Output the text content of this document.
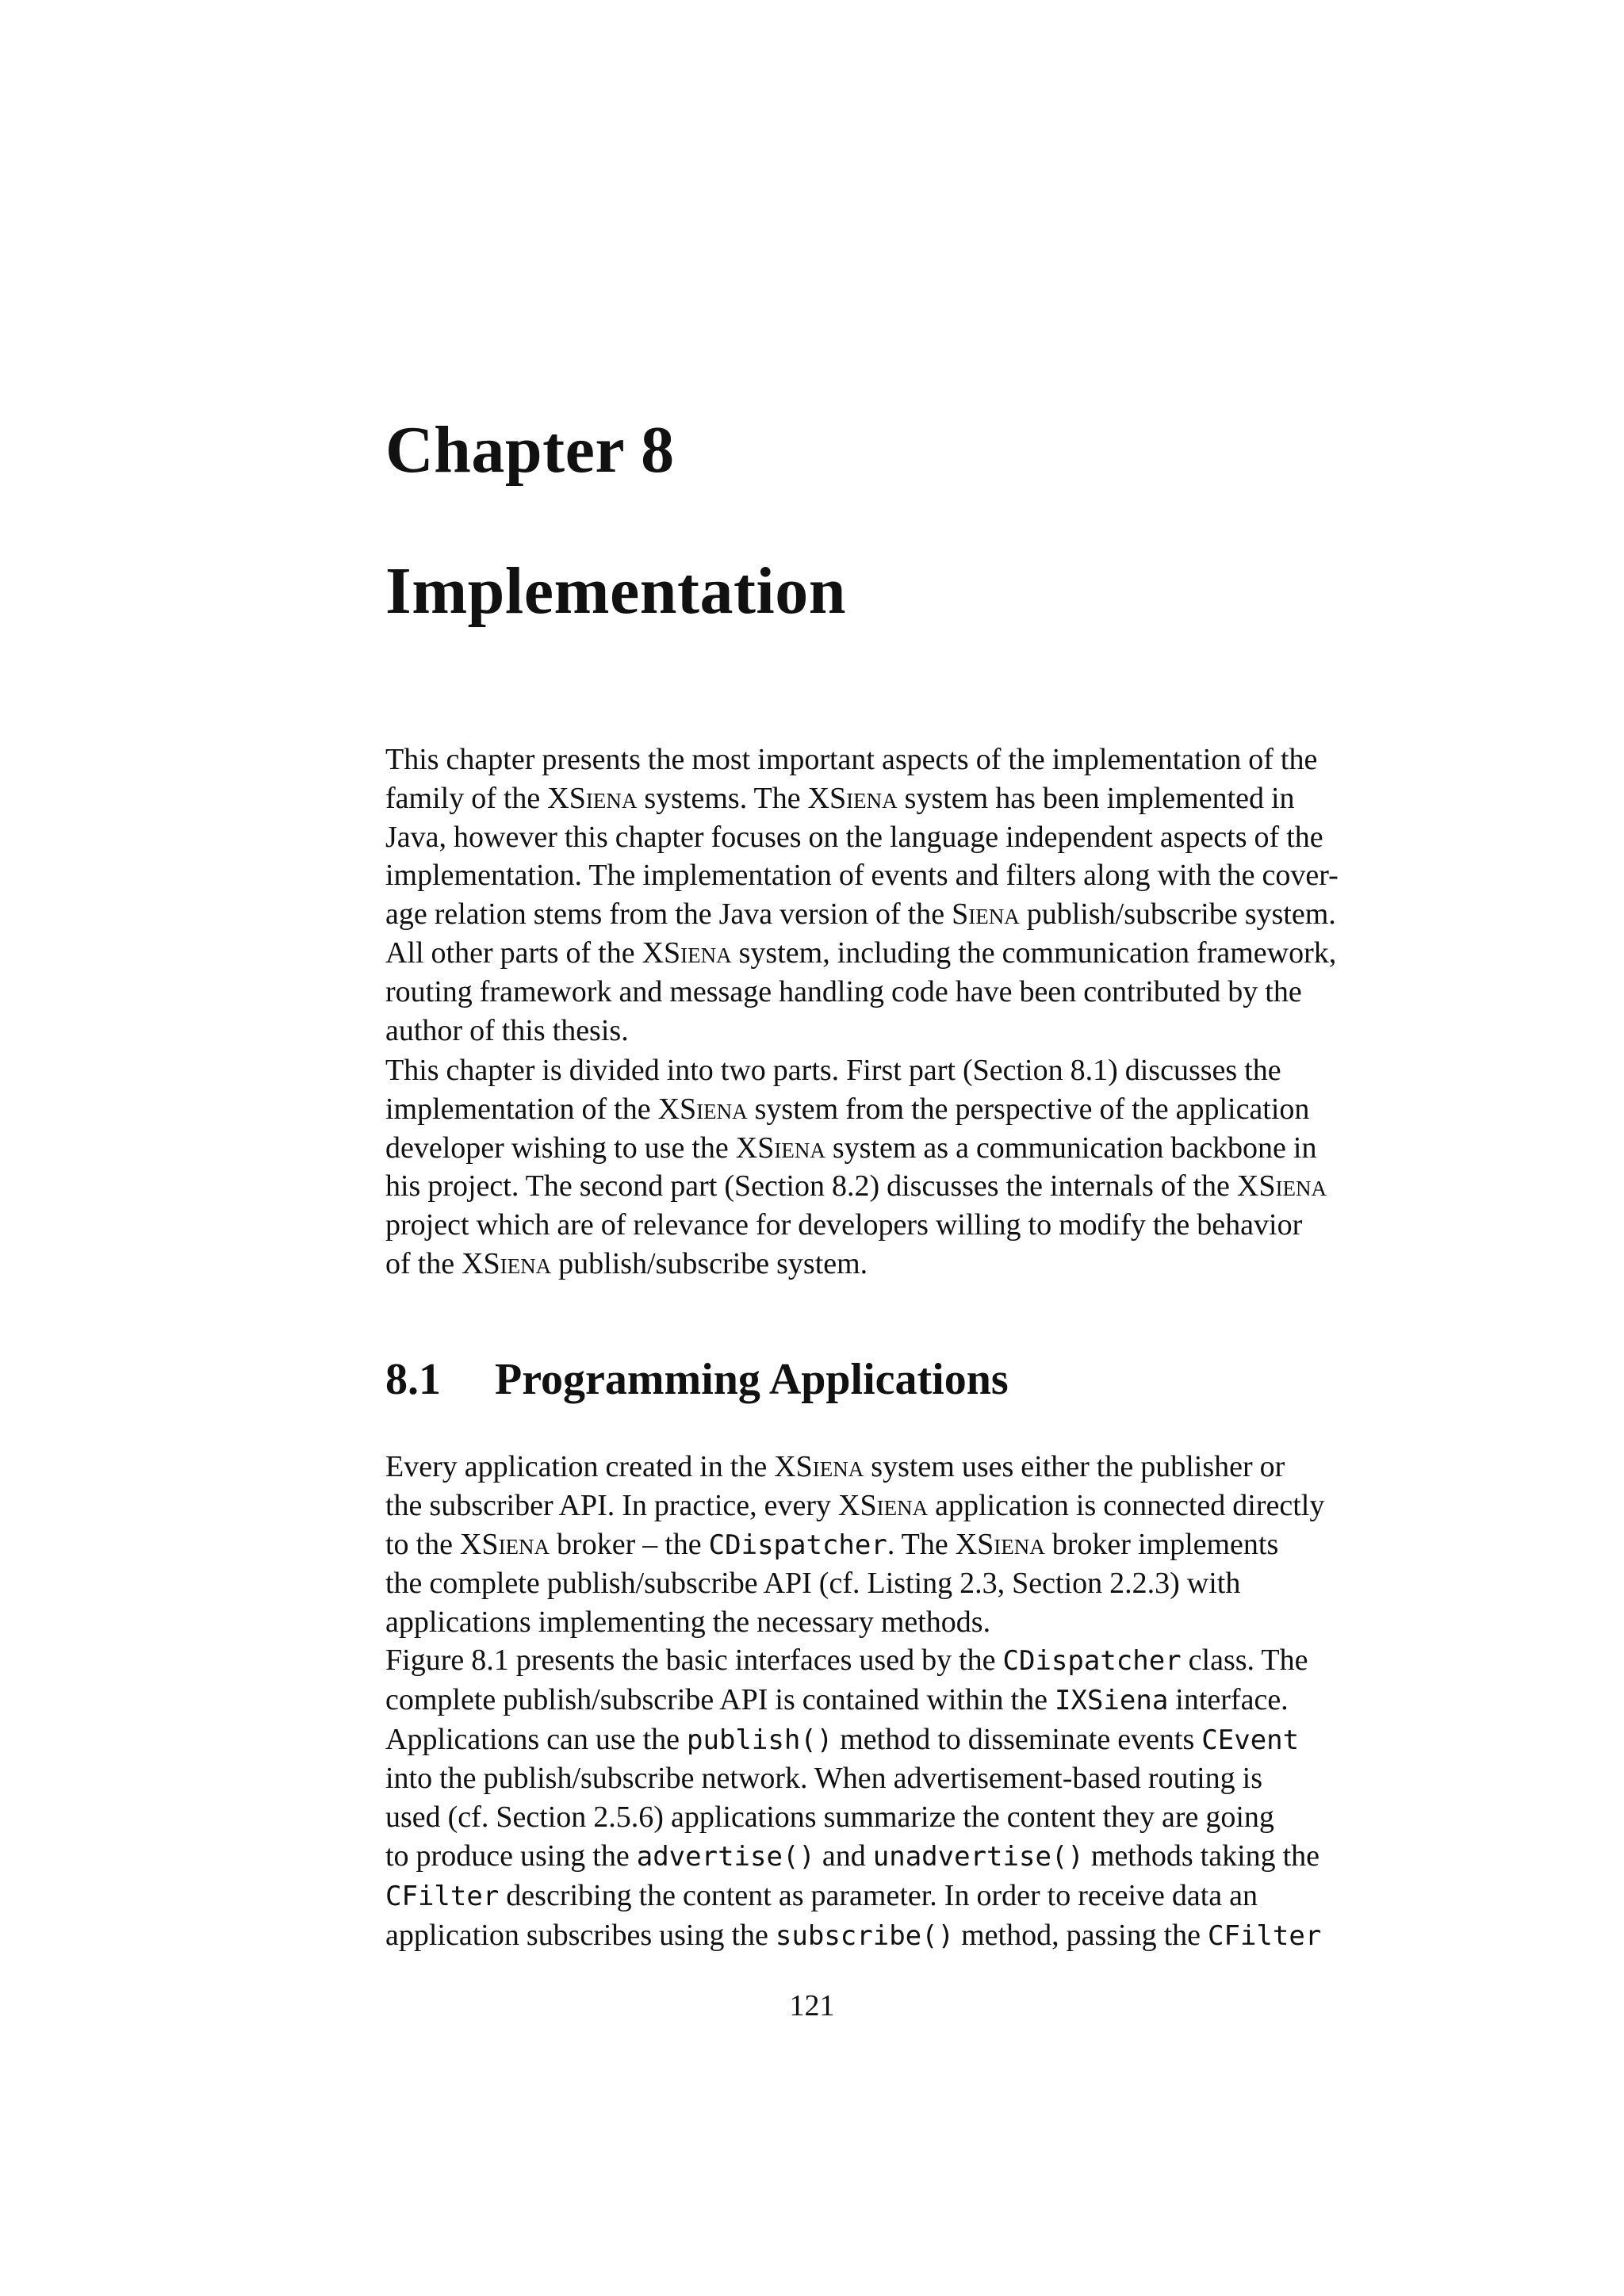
Chapter 8
Implementation
This chapter presents the most important aspects of the implementation of the
family of the XSiena systems. The XSiena system has been implemented in
Java, however this chapter focuses on the language independent aspects of the
implementation. The implementation of events and filters along with the cover-
age relation stems from the Java version of the Siena publish/subscribe system.
All other parts of the XSiena system, including the communication framework,
routing framework and message handling code have been contributed by the
author of this thesis.
This chapter is divided into two parts. First part (Section 8.1) discusses the
implementation of the XSiena system from the perspective of the application
developer wishing to use the XSiena system as a communication backbone in
his project. The second part (Section 8.2) discusses the internals of the XSiena
project which are of relevance for developers willing to modify the behavior
of the XSiena publish/subscribe system.
8.1 Programming Applications
Every application created in the XSiena system uses either the publisher or
the subscriber API. In practice, every XSiena application is connected directly
to the XSiena broker – the CDispatcher. The XSiena broker implements
the complete publish/subscribe API (cf. Listing 2.3, Section 2.2.3) with
applications implementing the necessary methods.
Figure 8.1 presents the basic interfaces used by the CDispatcher class. The
complete publish/subscribe API is contained within the IXSiena interface.
Applications can use the publish() method to disseminate events CEvent
into the publish/subscribe network. When advertisement-based routing is
used (cf. Section 2.5.6) applications summarize the content they are going
to produce using the advertise() and unadvertise() methods taking the
CFilter describing the content as parameter. In order to receive data an
application subscribes using the subscribe() method, passing the CFilter
121
